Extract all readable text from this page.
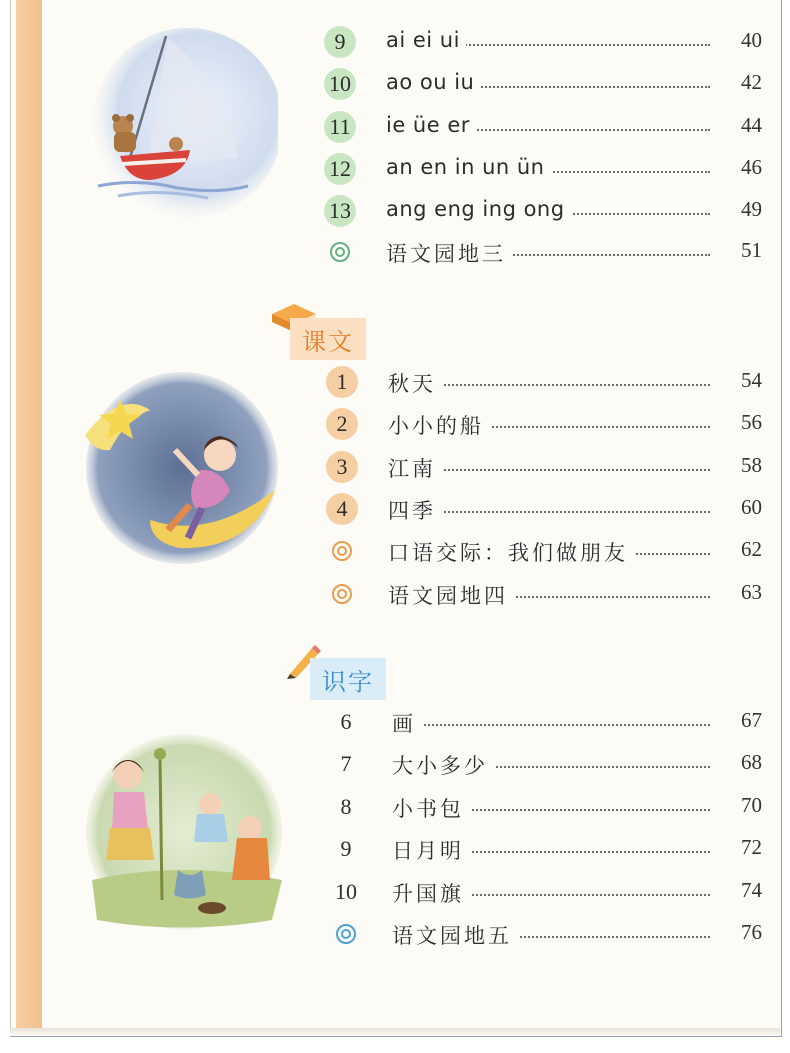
9	ai ei ui	40
10 ao ou iu	42
11 ie üe er	44
12 an en in un ün	46
13 ang eng ing ong	49
语文园地三	51
课文
1	秋天	54
2	小小的船	56
3	江南	58
4	四季	60
口语交际：我们做朋友	62
语文园地四	63
识字
6	画	67
7	大小多少	68
8	小书包	70
9	日月明	72
10 升国旗	74
语文园地五	76
